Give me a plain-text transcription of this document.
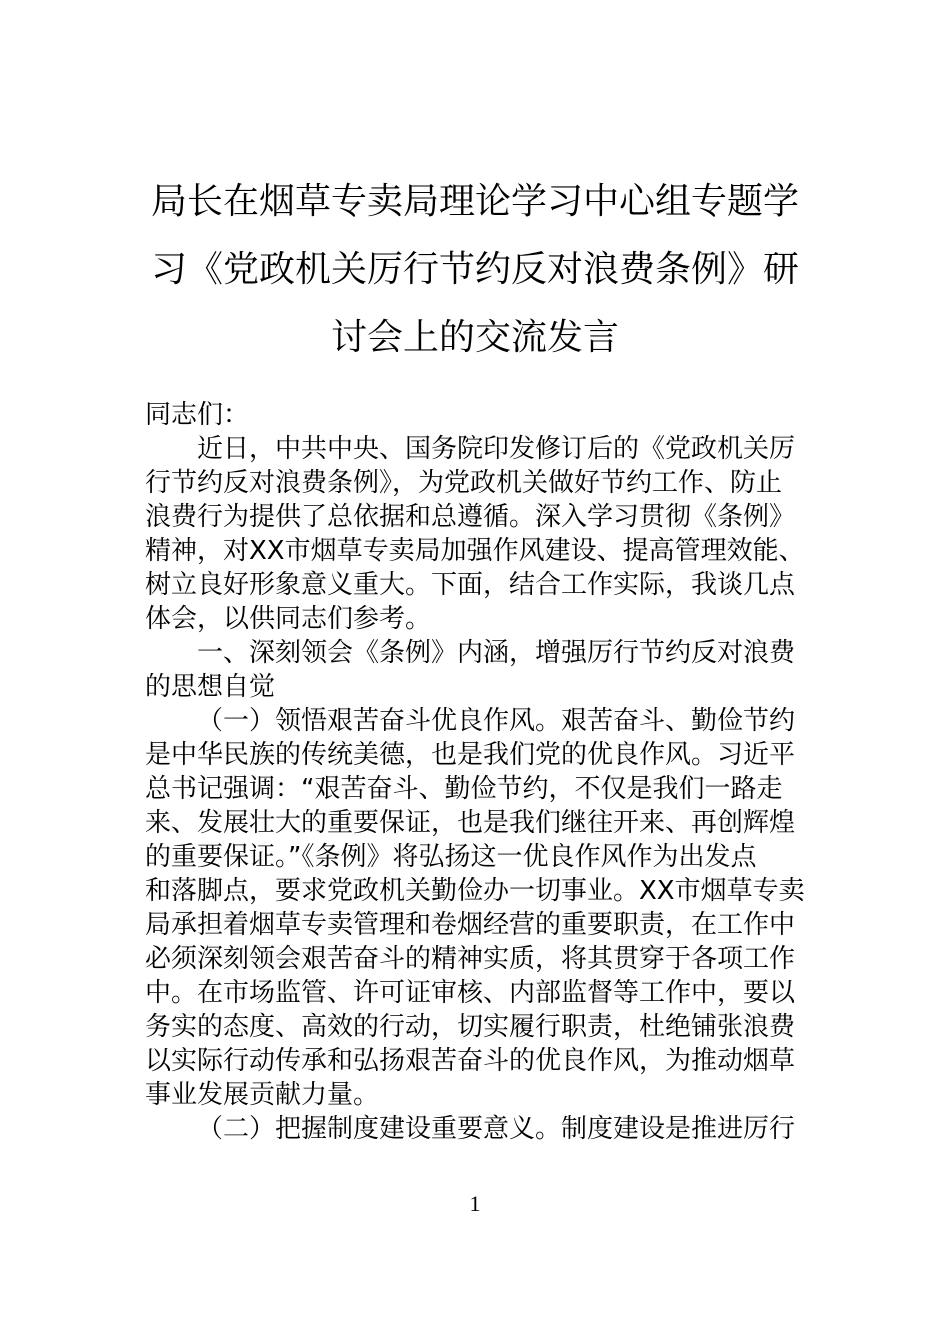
局长在烟草专卖局理论学习中心组专题学
习《党政机关厉行节约反对浪费条例》研
讨会上的交流发言
同志们：
近日，中共中央、国务院印发修订后的《党政机关厉
行节约反对浪费条例》，为党政机关做好节约工作、防止
浪费行为提供了总依据和总遵循。深入学习贯彻《条例》
精神，对XX市烟草专卖局加强作风建设、提高管理效能、
树立良好形象意义重大。下面，结合工作实际，我谈几点
体会，以供同志们参考。
一、深刻领会《条例》内涵，增强厉行节约反对浪费
的思想自觉
（一）领悟艰苦奋斗优良作风。艰苦奋斗、勤俭节约
是中华民族的传统美德，也是我们党的优良作风。习近平
总书记强调：“艰苦奋斗、勤俭节约，不仅是我们一路走
来、发展壮大的重要保证，也是我们继往开来、再创辉煌
的重要保证。”《条例》将弘扬这一优良作风作为出发点
和落脚点，要求党政机关勤俭办一切事业。XX市烟草专卖
局承担着烟草专卖管理和卷烟经营的重要职责，在工作中
必须深刻领会艰苦奋斗的精神实质，将其贯穿于各项工作
中。在市场监管、许可证审核、内部监督等工作中，要以
务实的态度、高效的行动，切实履行职责，杜绝铺张浪费
以实际行动传承和弘扬艰苦奋斗的优良作风，为推动烟草
事业发展贡献力量。
（二）把握制度建设重要意义。制度建设是推进厉行
1
